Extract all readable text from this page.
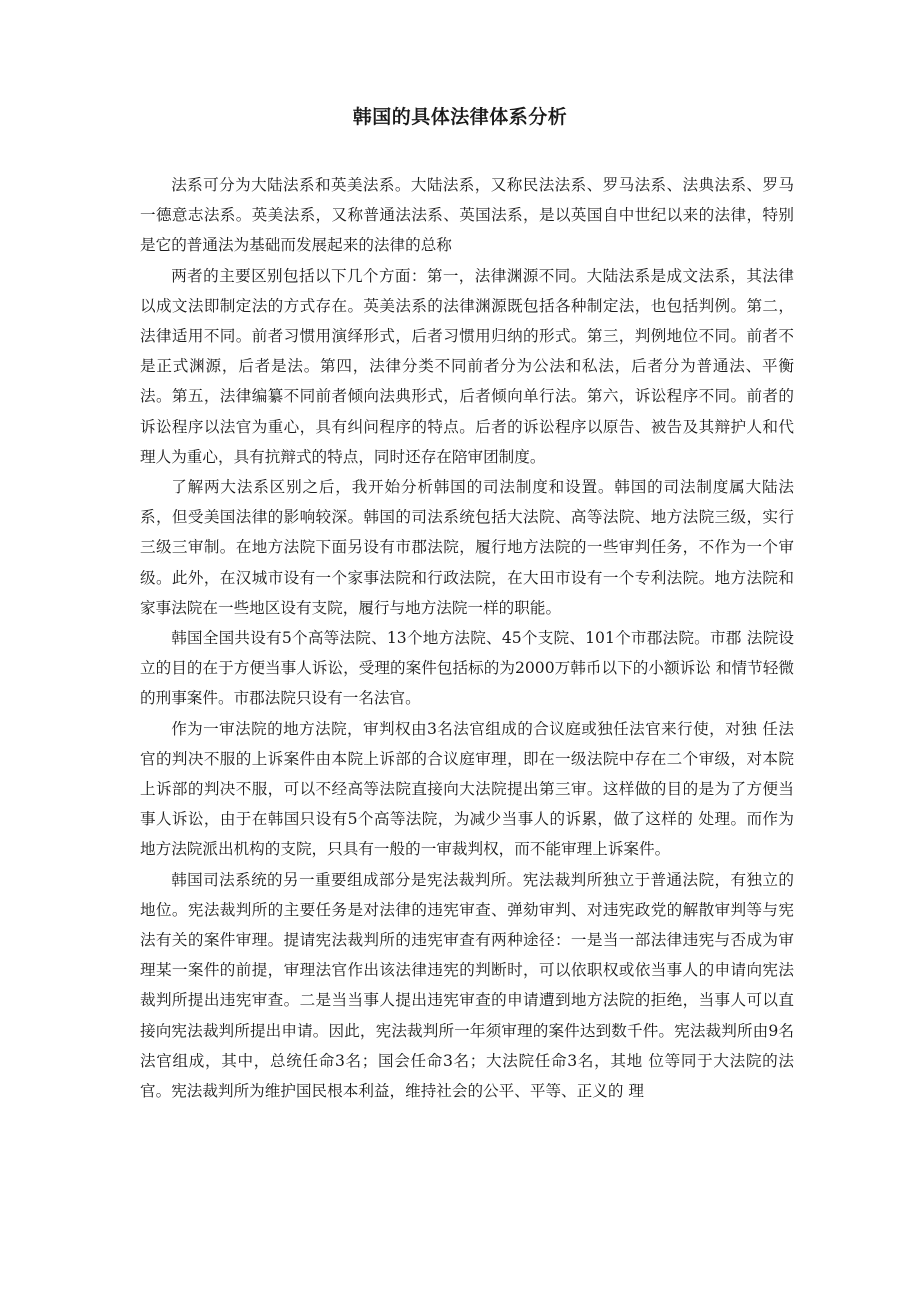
韩国的具体法律体系分析

法系可分为大陆法系和英美法系。大陆法系，又称民法法系、罗马法系、法典法系、罗马一德意志法系。英美法系，又称普通法法系、英国法系，是以英国自中世纪以来的法律，特别是它的普通法为基础而发展起来的法律的总称

两者的主要区别包括以下几个方面：第一，法律渊源不同。大陆法系是成文法系，其法律以成文法即制定法的方式存在。英美法系的法律渊源既包括各种制定法，也包括判例。第二，法律适用不同。前者习惯用演绎形式，后者习惯用归纳的形式。第三，判例地位不同。前者不是正式渊源，后者是法。第四，法律分类不同前者分为公法和私法，后者分为普通法、平衡法。第五，法律编纂不同前者倾向法典形式，后者倾向单行法。第六，诉讼程序不同。前者的诉讼程序以法官为重心，具有纠问程序的特点。后者的诉讼程序以原告、被告及其辩护人和代理人为重心，具有抗辩式的特点，同时还存在陪审团制度。

了解两大法系区别之后，我开始分析韩国的司法制度和设置。韩国的司法制度属大陆法系，但受美国法律的影响较深。韩国的司法系统包括大法院、高等法院、地方法院三级，实行三级三审制。在地方法院下面另设有市郡法院，履行地方法院的一些审判任务，不作为一个审级。此外，在汉城市设有一个家事法院和行政法院，在大田市设有一个专利法院。地方法院和家事法院在一些地区设有支院，履行与地方法院一样的职能。

韩国全国共设有5个高等法院、13个地方法院、45个支院、101个市郡法院。市郡 法院设立的目的在于方便当事人诉讼，受理的案件包括标的为2000万韩币以下的小额诉讼 和情节轻微的刑事案件。市郡法院只设有一名法官。

作为一审法院的地方法院，审判权由3名法官组成的合议庭或独任法官来行使，对独 任法官的判决不服的上诉案件由本院上诉部的合议庭审理，即在一级法院中存在二个审级，对本院上诉部的判决不服，可以不经高等法院直接向大法院提出第三审。这样做的目的是为了方便当事人诉讼，由于在韩国只设有5个高等法院，为减少当事人的诉累，做了这样的 处理。而作为地方法院派出机构的支院，只具有一般的一审裁判权，而不能审理上诉案件。

韩国司法系统的另一重要组成部分是宪法裁判所。宪法裁判所独立于普通法院，有独立的地位。宪法裁判所的主要任务是对法律的违宪审查、弹劾审判、对违宪政党的解散审判等与宪法有关的案件审理。提请宪法裁判所的违宪审查有两种途径：一是当一部法律违宪与否成为审理某一案件的前提，审理法官作出该法律违宪的判断时，可以依职权或依当事人的申请向宪法裁判所提出违宪审查。二是当当事人提出违宪审查的申请遭到地方法院的拒绝，当事人可以直接向宪法裁判所提出申请。因此，宪法裁判所一年须审理的案件达到数千件。宪法裁判所由9名法官组成，其中，总统任命3名；国会任命3名；大法院任命3名，其地 位等同于大法院的法官。宪法裁判所为维护国民根本利益，维持社会的公平、平等、正义的 理
